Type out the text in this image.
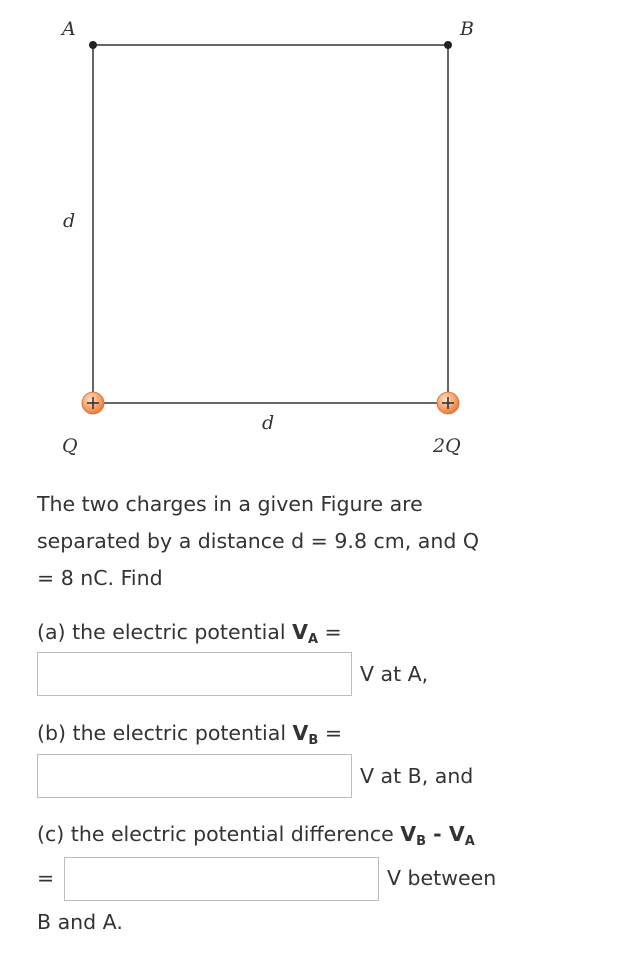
A	B
d
d
Q	2Q
The two charges in a given Figure are
separated by a distance d = 9.8 cm, and Q
= 8 nC. Find
(a) the electric potential $V_A$ =
V at A,
(b) the electric potential $V_B$ =
V at B, and
(c) the electric potential difference $V_B - V_A$
=	V between
B and A.
